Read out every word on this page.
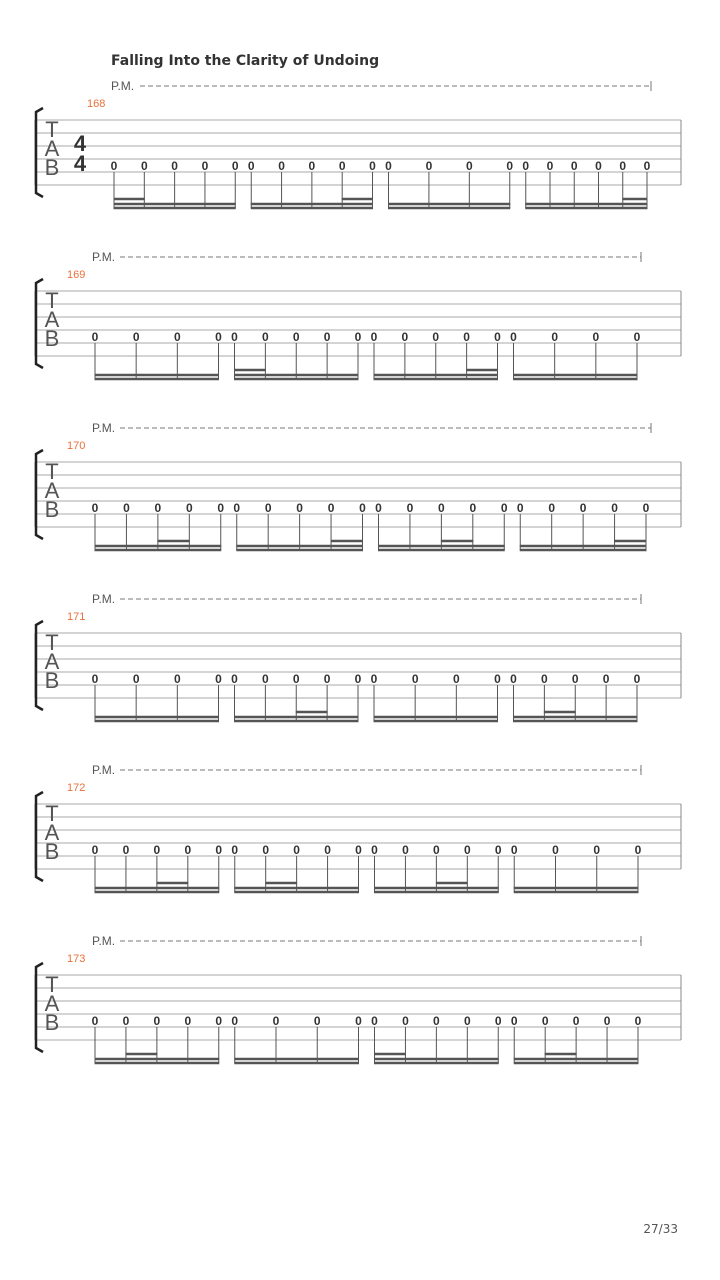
Falling Into the Clarity of Undoing
P.M.
168
T
A
B
4
4 0 0 0 0 0 0 0 0 0 0 0	0	0	0 0 0 0 0 0 0
P.M.
169
T
A
B	0	0	0	0 0 0 0 0 0 0 0 0 0 0 0	0	0	0
P.M.
170
T
A
B	0 0 0 0 0 0 0 0 0 0 0 0 0 0 0 0 0 0 0 0
P.M.
171
T
A
B	0	0	0	0 0 0 0 0 0 0	0	0	0 0 0 0 0 0
P.M.
172
T
A
B	0 0 0 0 0 0 0 0 0 0 0 0 0 0 0 0	0	0	0
P.M.
173
T
A
B	0 0 0 0 0 0	0	0	0 0 0 0 0 0 0 0 0 0 0
27/33
